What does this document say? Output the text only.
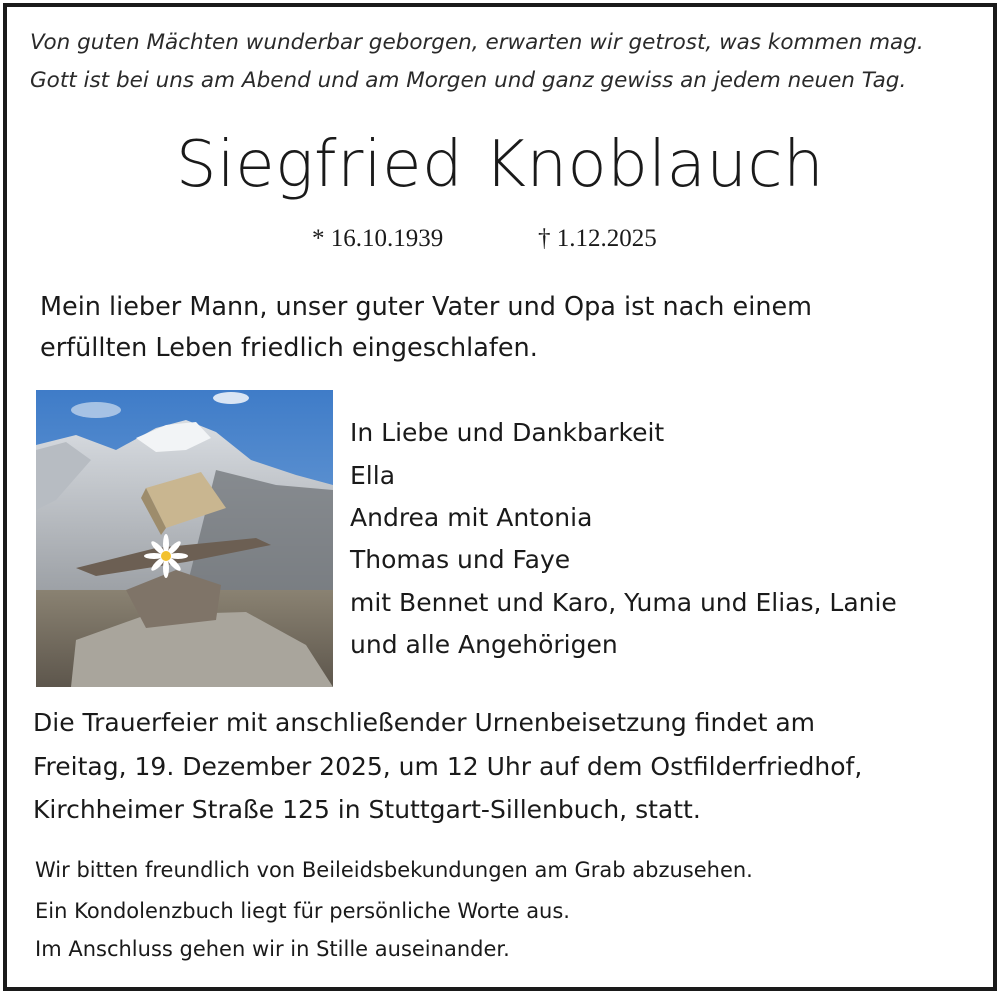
Von guten Mächten wunderbar geborgen, erwarten wir getrost, was kommen mag.
Gott ist bei uns am Abend und am Morgen und ganz gewiss an jedem neuen Tag.
Siegfried Knoblauch
* 16.10.1939	† 1.12.2025
Mein lieber Mann, unser guter Vater und Opa ist nach einem
erfüllten Leben friedlich eingeschlafen.
In Liebe und Dankbarkeit
Ella
Andrea mit Antonia
Thomas und Faye
mit Bennet und Karo, Yuma und Elias, Lanie
und alle Angehörigen
Die Trauerfeier mit anschließender Urnenbeisetzung findet am
Freitag, 19. Dezember 2025, um 12 Uhr auf dem Ostfilderfriedhof,
Kirchheimer Straße 125 in Stuttgart-Sillenbuch, statt.
Wir bitten freundlich von Beileidsbekundungen am Grab abzusehen.
Ein Kondolenzbuch liegt für persönliche Worte aus.
Im Anschluss gehen wir in Stille auseinander.
